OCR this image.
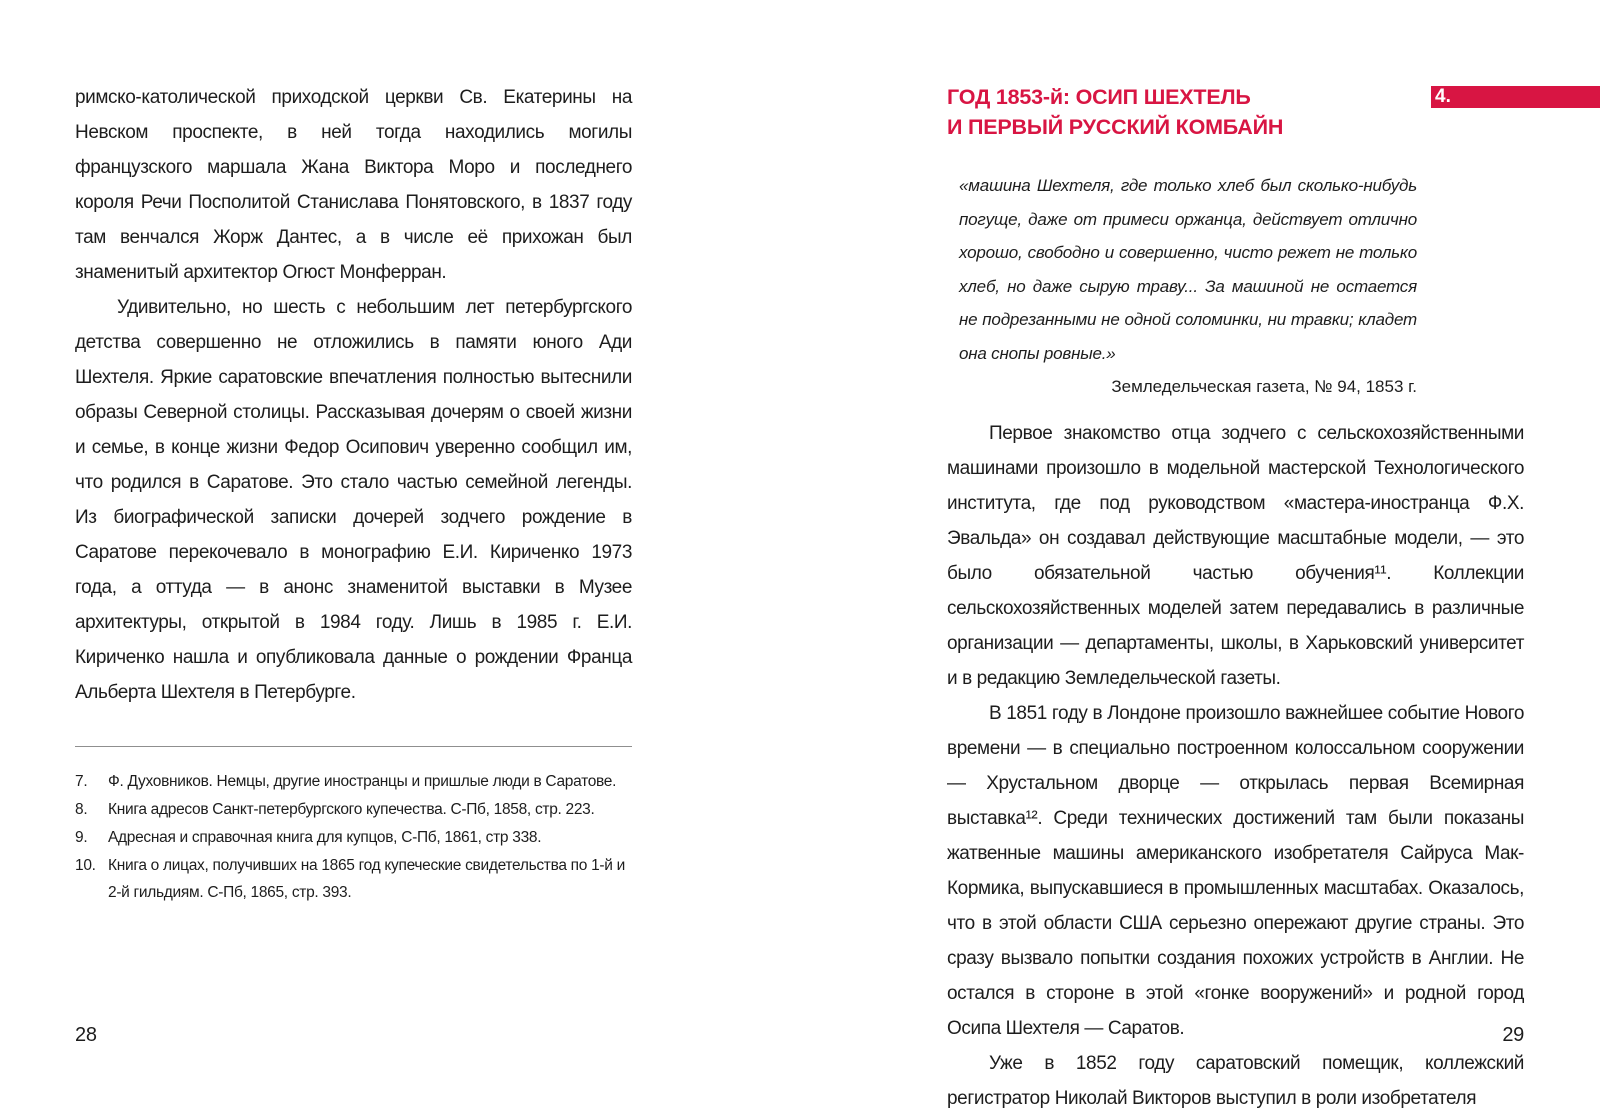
римско-католической приходской церкви Св. Екатерины на Невском проспекте, в ней тогда находились могилы французского маршала Жана Виктора Моро и последнего короля Речи Посполитой Станислава Понятовского, в 1837 году там венчался Жорж Дантес, а в числе её прихожан был знаменитый архитектор Огюст Монферран.

Удивительно, но шесть с небольшим лет петербургского детства совершенно не отложились в памяти юного Ади Шехтеля. Яркие саратовские впечатления полностью вытеснили образы Северной столицы. Рассказывая дочерям о своей жизни и семье, в конце жизни Федор Осипович уверенно сообщил им, что родился в Саратове. Это стало частью семейной легенды. Из биографической записки дочерей зодчего рождение в Саратове перекочевало в монографию Е.И. Кириченко 1973 года, а оттуда — в анонс знаменитой выставки в Музее архитектуры, открытой в 1984 году. Лишь в 1985 г. Е.И. Кириченко нашла и опубликовала данные о рождении Франца Альберта Шехтеля в Петербурге.

7.	Ф. Духовников. Немцы, другие иностранцы и пришлые люди в Саратове.
8.	Книга адресов Санкт-петербургского купечества. С-Пб, 1858, стр. 223.
9.	Адресная и справочная книга для купцов, С-Пб, 1861, стр 338.
10. Книга о лицах, получивших на 1865 год купеческие свидетельства по 1-й и 2-й гильдиям. С-Пб, 1865, стр. 393.
28
4.
ГОД 1853-й: ОСИП ШЕХТЕЛЬ
И ПЕРВЫЙ РУССКИЙ КОМБАЙН

«машина Шехтеля, где только хлеб был сколько-нибудь погуще, даже от примеси оржанца, действует отлично хорошо, свободно и совершенно, чисто режет не только хлеб, но даже сырую траву... За машиной не остается не подрезанными не одной соломинки, ни травки; кладет она снопы ровные.»

Земледельческая газета, № 94, 1853 г.

Первое знакомство отца зодчего с сельскохозяйственными машинами произошло в модельной мастерской Технологического института, где под руководством «мастера-иностранца Ф.Х. Эвальда» он создавал действующие масштабные модели, — это было обязательной частью обучения¹¹. Коллекции сельскохозяйственных моделей затем передавались в различные организации — департаменты, школы, в Харьковский университет и в редакцию Земледельческой газеты.

В 1851 году в Лондоне произошло важнейшее событие Нового времени — в специально построенном колоссальном сооружении — Хрустальном дворце — открылась первая Всемирная выставка¹². Среди технических достижений там были показаны жатвенные машины американского изобретателя Сайруса Мак-Кормика, выпускавшиеся в промышленных масштабах. Оказалось, что в этой области США серьезно опережают другие страны. Это сразу вызвало попытки создания похожих устройств в Англии. Не остался в стороне в этой «гонке вооружений» и родной город Осипа Шехтеля — Саратов.

Уже в 1852 году саратовский помещик, коллежский регистратор Николай Викторов выступил в роли изобретателя

29
